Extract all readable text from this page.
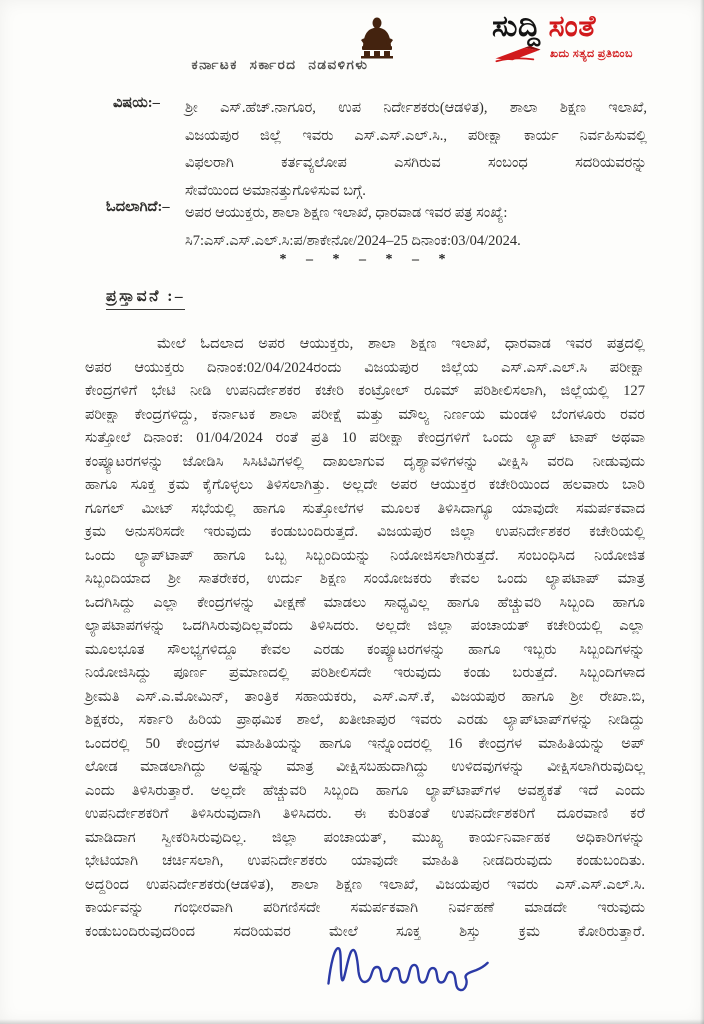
ಕರ್ನಾಟಕ ಸರ್ಕಾರದ ನಡವಳಿಗಳು
ಸುದ್ದಿ ಸಂತೆ
ಖದು ಸತ್ಯದ ಪ್ರತಿಬಿಂಬ
ವಿಷಯ:– ಶ್ರೀ ಎಸ್.ಹೆಚ್.ನಾಗೂರ, ಉಪ ನಿರ್ದೇಶಕರು(ಆಡಳಿತ), ಶಾಲಾ ಶಿಕ್ಷಣ ಇಲಾಖೆ,
ವಿಜಯಪುರ ಜಿಲ್ಲೆ ಇವರು ಎಸ್.ಎಸ್.ಎಲ್.ಸಿ., ಪರೀಕ್ಷಾ ಕಾರ್ಯ ನಿರ್ವಹಿಸುವಲ್ಲಿ
ವಿಫಲರಾಗಿ ಕರ್ತವ್ಯಲೋಪ ಎಸಗಿರುವ ಸಂಬಂಧ ಸದರಿಯವರನ್ನು
ಸೇವೆಯಿಂದ ಅಮಾನತ್ತುಗೊಳಿಸುವ ಬಗ್ಗೆ.
ಓದಲಾಗಿದೆ:– ಅಪರ ಆಯುಕ್ತರು, ಶಾಲಾ ಶಿಕ್ಷಣ ಇಲಾಖೆ, ಧಾರವಾಡ ಇವರ ಪತ್ರ ಸಂಖ್ಯೆ:
ಸಿ7:ಎಸ್.ಎಸ್.ಎಲ್.ಸಿ:ಪ/ಶಾಕೇನೋ/2024–25 ದಿನಾಂಕ:03/04/2024.
* – * – * – *
ಪ್ರಸ್ತಾವನೆ :–
ಮೇಲೆ ಓದಲಾದ ಅಪರ ಆಯುಕ್ತರು, ಶಾಲಾ ಶಿಕ್ಷಣ ಇಲಾಖೆ, ಧಾರವಾಡ ಇವರ ಪತ್ರದಲ್ಲಿ
ಅಪರ ಆಯುಕ್ತರು ದಿನಾಂಕ:02/04/2024ರಂದು ವಿಜಯಪುರ ಜಿಲ್ಲೆಯ ಎಸ್.ಎಸ್.ಎಲ್.ಸಿ ಪರೀಕ್ಷಾ
ಕೇಂದ್ರಗಳಿಗೆ ಭೇಟಿ ನೀಡಿ ಉಪನಿರ್ದೇಶಕರ ಕಚೇರಿ ಕಂಟ್ರೋಲ್ ರೂಮ್ ಪರಿಶೀಲಿಸಲಾಗಿ, ಜಿಲ್ಲೆಯಲ್ಲಿ 127
ಪರೀಕ್ಷಾ ಕೇಂದ್ರಗಳಿದ್ದು, ಕರ್ನಾಟಕ ಶಾಲಾ ಪರೀಕ್ಷೆ ಮತ್ತು ಮೌಲ್ಯ ನಿರ್ಣಯ ಮಂಡಳಿ ಬೆಂಗಳೂರು ರವರ
ಸುತ್ತೋಲೆ ದಿನಾಂಕ: 01/04/2024 ರಂತೆ ಪ್ರತಿ 10 ಪರೀಕ್ಷಾ ಕೇಂದ್ರಗಳಿಗೆ ಒಂದು ಲ್ಯಾಪ್ ಟಾಪ್ ಅಥವಾ
ಕಂಪ್ಯೂಟರಗಳನ್ನು ಜೋಡಿಸಿ ಸಿಸಿಟಿವಿಗಳಲ್ಲಿ ದಾಖಲಾಗುವ ದೃಶ್ಯಾವಳಿಗಳನ್ನು ವೀಕ್ಷಿಸಿ ವರದಿ ನೀಡುವುದು
ಹಾಗೂ ಸೂಕ್ತ ಕ್ರಮ ಕೈಗೊಳ್ಳಲು ತಿಳಿಸಲಾಗಿತ್ತು. ಅಲ್ಲದೇ ಅಪರ ಆಯುಕ್ತರ ಕಚೇರಿಯಿಂದ ಹಲವಾರು ಬಾರಿ
ಗೂಗಲ್ ಮೀಟ್ ಸಭೆಯಲ್ಲಿ ಹಾಗೂ ಸುತ್ತೋಲೆಗಳ ಮೂಲಕ ತಿಳಿಸಿದಾಗ್ಯೂ ಯಾವುದೇ ಸಮರ್ಪಕವಾದ
ಕ್ರಮ ಅನುಸರಿಸದೇ ಇರುವುದು ಕಂಡುಬಂದಿರುತ್ತದೆ. ವಿಜಯಪುರ ಜಿಲ್ಲಾ ಉಪನಿರ್ದೇಶಕರ ಕಚೇರಿಯಲ್ಲಿ
ಒಂದು ಲ್ಯಾಪ್‌ಟಾಪ್ ಹಾಗೂ ಒಬ್ಬ ಸಿಬ್ಬಂದಿಯನ್ನು ನಿಯೋಜಿಸಲಾಗಿರುತ್ತದೆ. ಸಂಬಂಧಿಸಿದ ನಿಯೋಜಿತ
ಸಿಬ್ಬಂದಿಯಾದ ಶ್ರೀ ಸಾತರೇಕರ, ಉರ್ದು ಶಿಕ್ಷಣ ಸಂಯೋಜಕರು ಕೇವಲ ಒಂದು ಲ್ಯಾಪಟಾಪ್ ಮಾತ್ರ
ಒದಗಿಸಿದ್ದು ಎಲ್ಲಾ ಕೇಂದ್ರಗಳನ್ನು ವೀಕ್ಷಣೆ ಮಾಡಲು ಸಾಧ್ಯವಿಲ್ಲ ಹಾಗೂ ಹೆಚ್ಚುವರಿ ಸಿಬ್ಬಂದಿ ಹಾಗೂ
ಲ್ಯಾಪಟಾಪಗಳನ್ನು ಒದಗಿಸಿರುವುದಿಲ್ಲವೆಂದು ತಿಳಿಸಿದರು. ಅಲ್ಲದೇ ಜಿಲ್ಲಾ ಪಂಚಾಯತ್ ಕಚೇರಿಯಲ್ಲಿ ಎಲ್ಲಾ
ಮೂಲಭೂತ ಸೌಲಭ್ಯಗಳಿದ್ದೂ ಕೇವಲ ಎರಡು ಕಂಪ್ಯೂಟರಗಳನ್ನು ಹಾಗೂ ಇಬ್ಬರು ಸಿಬ್ಬಂದಿಗಳನ್ನು
ನಿಯೋಜಿಸಿದ್ದು ಪೂರ್ಣ ಪ್ರಮಾಣದಲ್ಲಿ ಪರಿಶೀಲಿಸದೇ ಇರುವುದು ಕಂಡು ಬರುತ್ತದೆ. ಸಿಬ್ಬಂದಿಗಳಾದ
ಶ್ರೀಮತಿ ಎಸ್.ಎ.ಮೋಮಿನ್, ತಾಂತ್ರಿಕ ಸಹಾಯಕರು, ಎಸ್.ಎಸ್.ಕೆ, ವಿಜಯಪುರ ಹಾಗೂ ಶ್ರೀ ರೇಖಾ.ಬಿ,
ಶಿಕ್ಷಕರು, ಸರ್ಕಾರಿ ಹಿರಿಯ ಪ್ರಾಥಮಿಕ ಶಾಲೆ, ಖತೀಜಾಪುರ ಇವರು ಎರಡು ಲ್ಯಾಪ್‌ಟಾಪ್‌ಗಳನ್ನು ನೀಡಿದ್ದು
ಒಂದರಲ್ಲಿ 50 ಕೇಂದ್ರಗಳ ಮಾಹಿತಿಯನ್ನು ಹಾಗೂ ಇನ್ನೊಂದರಲ್ಲಿ 16 ಕೇಂದ್ರಗಳ ಮಾಹಿತಿಯನ್ನು ಅಪ್
ಲೋಡ ಮಾಡಲಾಗಿದ್ದು ಅಷ್ಟನ್ನು ಮಾತ್ರ ವೀಕ್ಷಿಸಬಹುದಾಗಿದ್ದು ಉಳಿದವುಗಳನ್ನು ವೀಕ್ಷಿಸಲಾಗಿರುವುದಿಲ್ಲ
ಎಂದು ತಿಳಿಸಿರುತ್ತಾರೆ. ಅಲ್ಲದೇ ಹೆಚ್ಚುವರಿ ಸಿಬ್ಬಂದಿ ಹಾಗೂ ಲ್ಯಾಪ್‌ಟಾಪ್‌ಗಳ ಅವಶ್ಯಕತೆ ಇದೆ ಎಂದು
ಉಪನಿರ್ದೇಶಕರಿಗೆ ತಿಳಿಸಿರುವುದಾಗಿ ತಿಳಿಸಿದರು. ಈ ಕುರಿತಂತೆ ಉಪನಿರ್ದೇಶಕರಿಗೆ ದೂರವಾಣಿ ಕರೆ
ಮಾಡಿದಾಗ ಸ್ವೀಕರಿಸಿರುವುದಿಲ್ಲ. ಜಿಲ್ಲಾ ಪಂಚಾಯತ್, ಮುಖ್ಯ ಕಾರ್ಯನಿರ್ವಾಹಕ ಅಧಿಕಾರಿಗಳನ್ನು
ಭೇಟಿಯಾಗಿ ಚರ್ಚಿಸಲಾಗಿ, ಉಪನಿರ್ದೇಶಕರು ಯಾವುದೇ ಮಾಹಿತಿ ನೀಡದಿರುವುದು ಕಂಡುಬಂದಿತು.
ಅದ್ದರಿಂದ ಉಪನಿರ್ದೇಶಕರು(ಆಡಳಿತ), ಶಾಲಾ ಶಿಕ್ಷಣ ಇಲಾಖೆ, ವಿಜಯಪುರ ಇವರು ಎಸ್.ಎಸ್.ಎಲ್.ಸಿ.
ಕಾರ್ಯವನ್ನು ಗಂಭೀರವಾಗಿ ಪರಿಗಣಿಸದೇ ಸಮರ್ಪಕವಾಗಿ ನಿರ್ವಹಣೆ ಮಾಡದೇ ಇರುವುದು
ಕಂಡುಬಂದಿರುವುದರಿಂದ ಸದರಿಯವರ ಮೇಲೆ ಸೂಕ್ತ ಶಿಸ್ತು ಕ್ರಮ ಕೋರಿರುತ್ತಾರೆ.
